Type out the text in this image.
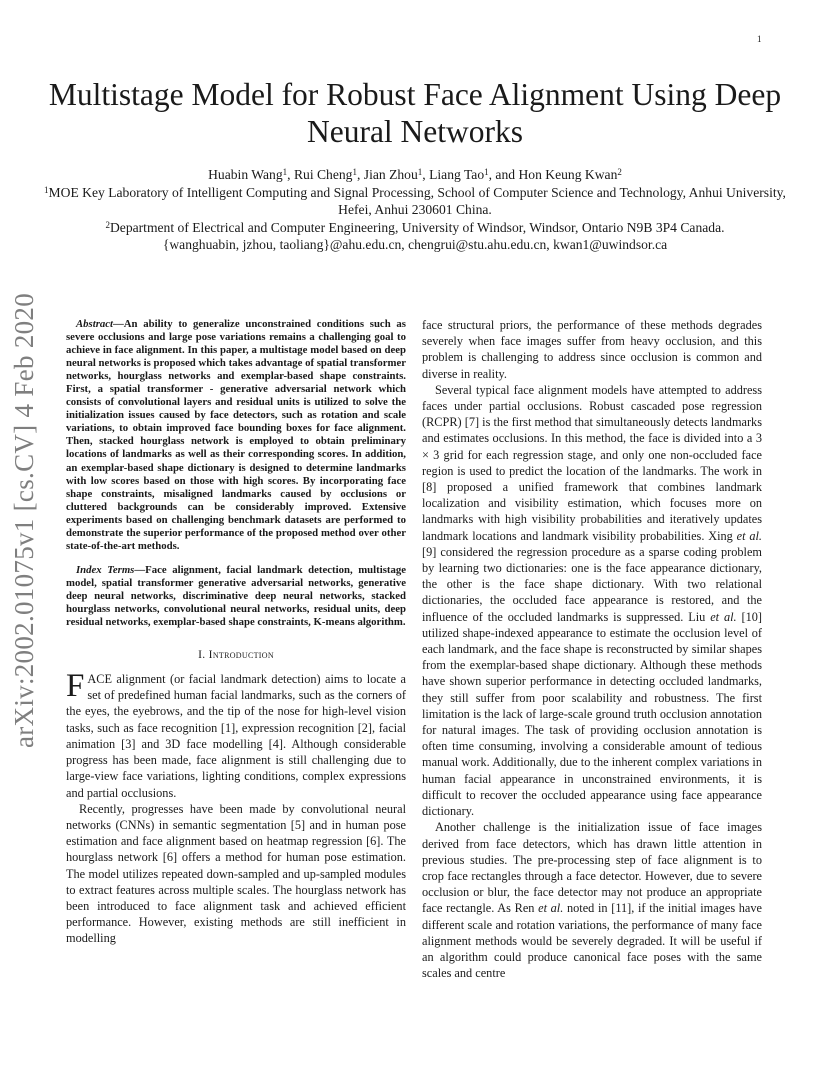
1
arXiv:2002.01075v1 [cs.CV] 4 Feb 2020
Multistage Model for Robust Face Alignment Using Deep Neural Networks

Huabin Wang$^1$, Rui Cheng$^1$, Jian Zhou$^1$, Liang Tao$^1$, and Hon Keung Kwan$^2$

$^1$MOE Key Laboratory of Intelligent Computing and Signal Processing, School of Computer Science and Technology, Anhui University, Hefei, Anhui 230601 China.

$^2$Department of Electrical and Computer Engineering, University of Windsor, Windsor, Ontario N9B 3P4 Canada.

{wanghuabin, jzhou, taoliang}@ahu.edu.cn, chengrui@stu.ahu.edu.cn, kwan1@uwindsor.ca

Abstract—An ability to generalize unconstrained conditions such as severe occlusions and large pose variations remains a challenging goal to achieve in face alignment. In this paper, a multistage model based on deep neural networks is proposed which takes advantage of spatial transformer networks, hourglass networks and exemplar-based shape constraints. First, a spatial transformer - generative adversarial network which consists of convolutional layers and residual units is utilized to solve the initialization issues caused by face detectors, such as rotation and scale variations, to obtain improved face bounding boxes for face alignment. Then, stacked hourglass network is employed to obtain preliminary locations of landmarks as well as their corresponding scores. In addition, an exemplar-based shape dictionary is designed to determine landmarks with low scores based on those with high scores. By incorporating face shape constraints, misaligned landmarks caused by occlusions or cluttered backgrounds can be considerably improved. Extensive experiments based on challenging benchmark datasets are performed to demonstrate the superior performance of the proposed method over other state-of-the-art methods.

Index Terms—Face alignment, facial landmark detection, multistage model, spatial transformer generative adversarial networks, generative deep neural networks, discriminative deep neural networks, stacked hourglass networks, convolutional neural networks, residual units, deep residual networks, exemplar-based shape constraints, K-means algorithm.

I. Introduction

FACE alignment (or facial landmark detection) aims to locate a set of predefined human facial landmarks, such as the corners of the eyes, the eyebrows, and the tip of the nose for high-level vision tasks, such as face recognition [1], expression recognition [2], facial animation [3] and 3D face modelling [4]. Although considerable progress has been made, face alignment is still challenging due to large-view face variations, lighting conditions, complex expressions and partial occlusions.

Recently, progresses have been made by convolutional neural networks (CNNs) in semantic segmentation [5] and in human pose estimation and face alignment based on heatmap regression [6]. The hourglass network [6] offers a method for human pose estimation. The model utilizes repeated down-sampled and up-sampled modules to extract features across multiple scales. The hourglass network has been introduced to face alignment task and achieved efficient performance. However, existing methods are still inefficient in modelling

face structural priors, the performance of these methods degrades severely when face images suffer from heavy occlusion, and this problem is challenging to address since occlusion is common and diverse in reality.

Several typical face alignment models have attempted to address faces under partial occlusions. Robust cascaded pose regression (RCPR) [7] is the first method that simultaneously detects landmarks and estimates occlusions. In this method, the face is divided into a 3 × 3 grid for each regression stage, and only one non-occluded face region is used to predict the location of the landmarks. The work in [8] proposed a unified framework that combines landmark localization and visibility estimation, which focuses more on landmarks with high visibility probabilities and iteratively updates landmark locations and landmark visibility probabilities. Xing et al. [9] considered the regression procedure as a sparse coding problem by learning two dictionaries: one is the face appearance dictionary, the other is the face shape dictionary. With two relational dictionaries, the occluded face appearance is restored, and the influence of the occluded landmarks is suppressed. Liu et al. [10] utilized shape-indexed appearance to estimate the occlusion level of each landmark, and the face shape is reconstructed by similar shapes from the exemplar-based shape dictionary. Although these methods have shown superior performance in detecting occluded landmarks, they still suffer from poor scalability and robustness. The first limitation is the lack of large-scale ground truth occlusion annotation for natural images. The task of providing occlusion annotation is often time consuming, involving a considerable amount of tedious manual work. Additionally, due to the inherent complex variations in human facial appearance in unconstrained environments, it is difficult to recover the occluded appearance using face appearance dictionary.

Another challenge is the initialization issue of face images derived from face detectors, which has drawn little attention in previous studies. The pre-processing step of face alignment is to crop face rectangles through a face detector. However, due to severe occlusion or blur, the face detector may not produce an appropriate face rectangle. As Ren et al. noted in [11], if the initial images have different scale and rotation variations, the performance of many face alignment methods would be severely degraded. It will be useful if an algorithm could produce canonical face poses with the same scales and centre
